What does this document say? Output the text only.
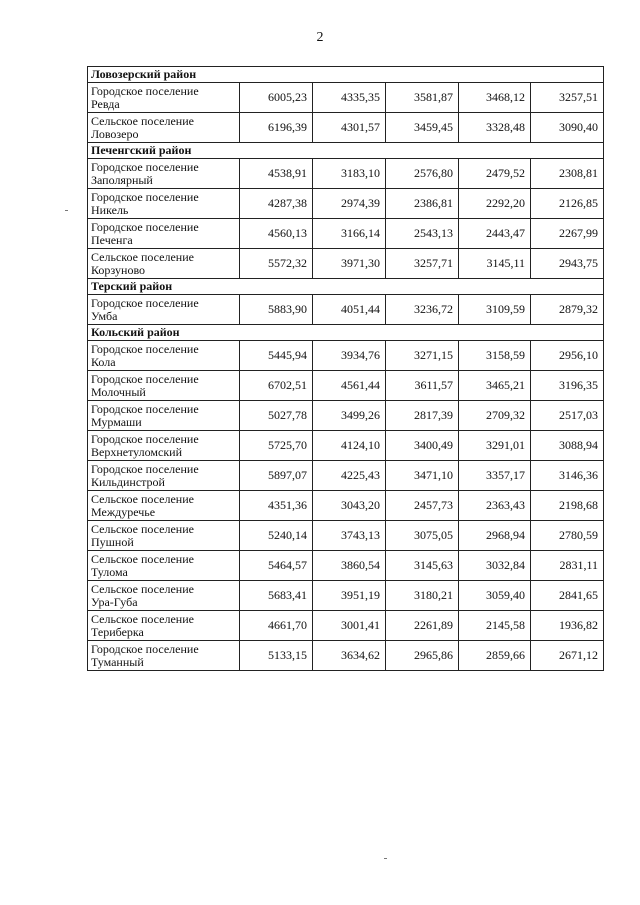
2
Ловозерский район					

Городское поселение
Ревда	6005,23	4335,35	3581,87	3468,12	3257,51

Сельское поселение
Ловозеро	6196,39	4301,57	3459,45	3328,48	3090,40
Печенгский район					

Городское поселение
Заполярный	4538,91	3183,10	2576,80	2479,52	2308,81

Городское поселение
Никель	4287,38	2974,39	2386,81	2292,20	2126,85

Городское поселение
Печенга	4560,13	3166,14	2543,13	2443,47	2267,99

Сельское поселение
Корзуново	5572,32	3971,30	3257,71	3145,11	2943,75
Терский район					

Городское поселение
Умба	5883,90	4051,44	3236,72	3109,59	2879,32
Кольский район					

Городское поселение
Кола	5445,94	3934,76	3271,15	3158,59	2956,10

Городское поселение
Молочный	6702,51	4561,44	3611,57	3465,21	3196,35

Городское поселение
Мурмаши	5027,78	3499,26	2817,39	2709,32	2517,03

Городское поселение
Верхнетуломский	5725,70	4124,10	3400,49	3291,01	3088,94

Городское поселение
Кильдинстрой	5897,07	4225,43	3471,10	3357,17	3146,36

Сельское поселение
Междуречье	4351,36	3043,20	2457,73	2363,43	2198,68

Сельское поселение
Пушной	5240,14	3743,13	3075,05	2968,94	2780,59

Сельское поселение
Тулома	5464,57	3860,54	3145,63	3032,84	2831,11

Сельское поселение
Ура-Губа	5683,41	3951,19	3180,21	3059,40	2841,65

Сельское поселение
Териберка	4661,70	3001,41	2261,89	2145,58	1936,82

Городское поселение
Туманный	5133,15	3634,62	2965,86	2859,66	2671,12
